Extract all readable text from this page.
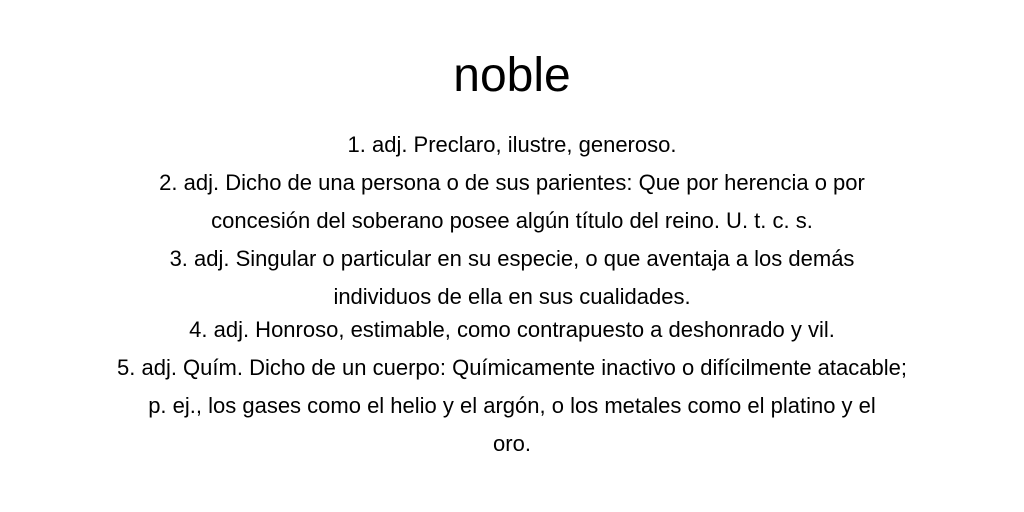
noble
1. adj. Preclaro, ilustre, generoso.
2. adj. Dicho de una persona o de sus parientes: Que por herencia o por
concesión del soberano posee algún título del reino. U. t. c. s.
3. adj. Singular o particular en su especie, o que aventaja a los demás
individuos de ella en sus cualidades.
4. adj. Honroso, estimable, como contrapuesto a deshonrado y vil.
5. adj. Quím. Dicho de un cuerpo: Químicamente inactivo o difícilmente atacable;
p. ej., los gases como el helio y el argón, o los metales como el platino y el
oro.
